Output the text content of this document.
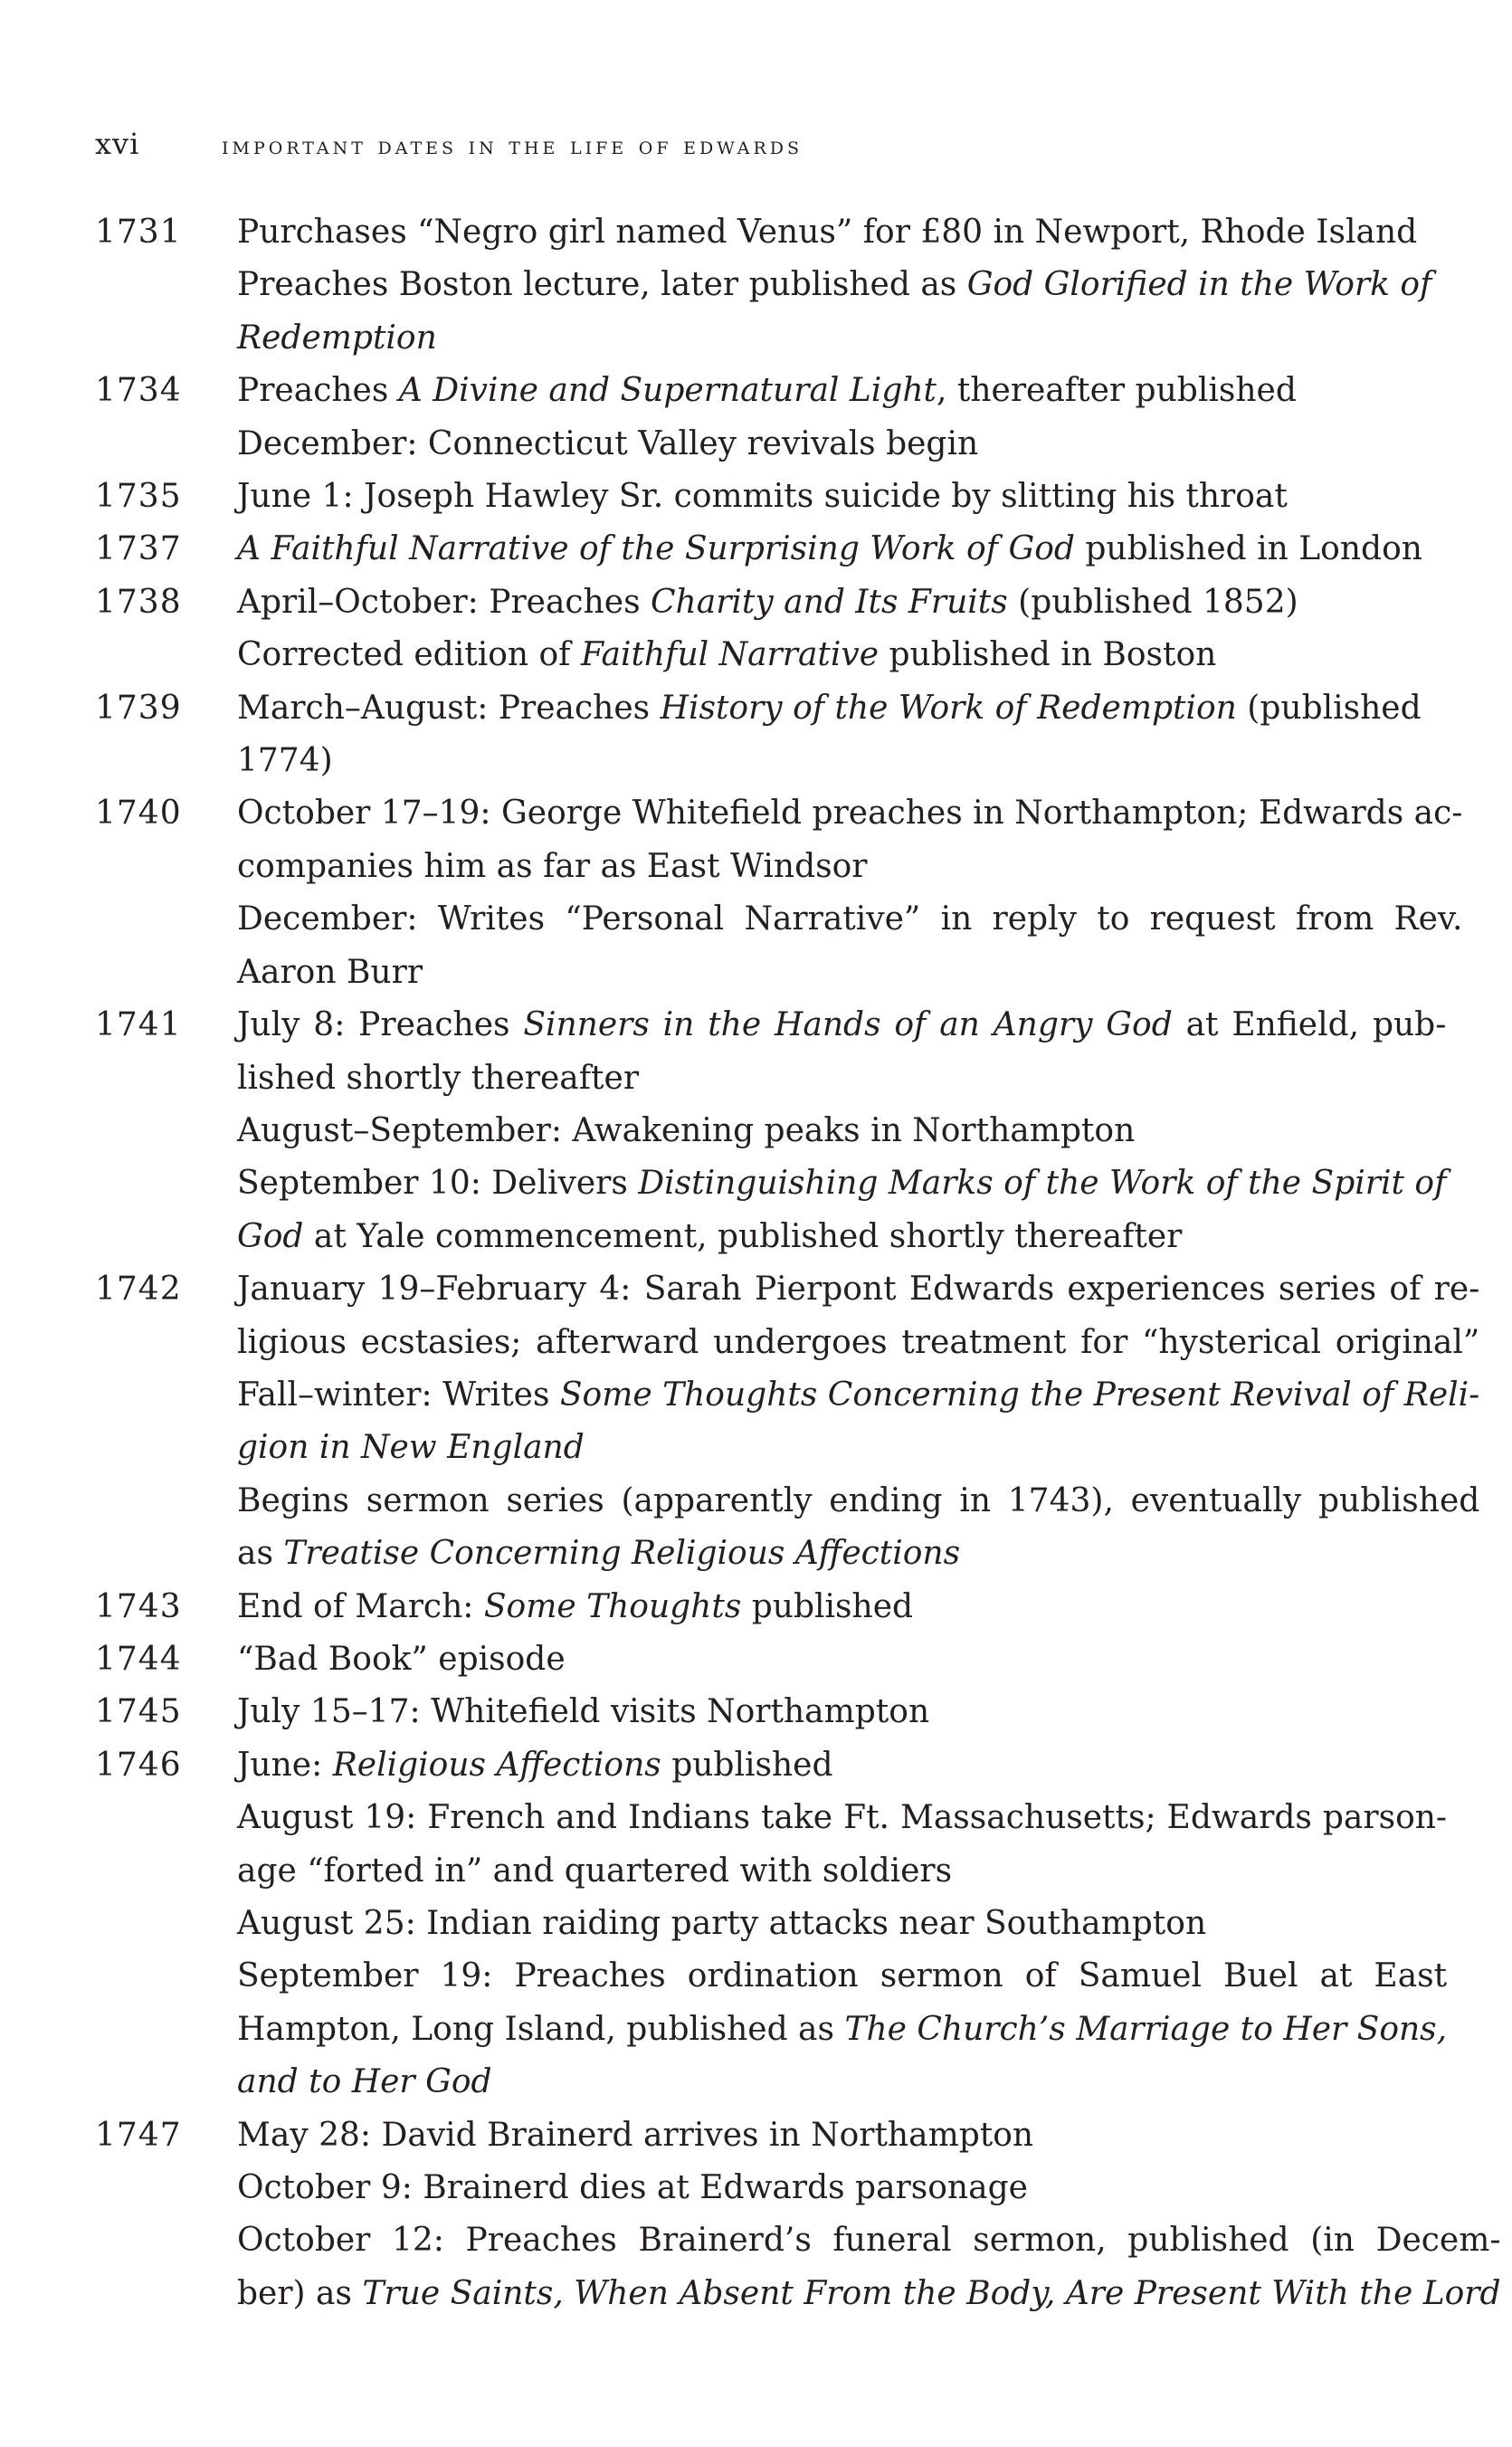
xvi	important dates in the life of edwards
1731	Purchases “Negro girl named Venus” for £80 in Newport, Rhode Island
Preaches Boston lecture, later published as God Glorified in the Work of
Redemption
1734	Preaches A Divine and Supernatural Light, thereafter published
December: Connecticut Valley revivals begin
1735	June 1: Joseph Hawley Sr. commits suicide by slitting his throat
1737	A Faithful Narrative of the Surprising Work of God published in London
1738	April–October: Preaches Charity and Its Fruits (published 1852)
Corrected edition of Faithful Narrative published in Boston
1739	March–August: Preaches History of the Work of Redemption (published
1774)
1740	October 17–19: George Whitefield preaches in Northampton; Edwards ac-
companies him as far as East Windsor
December: Writes “Personal Narrative” in reply to request from Rev.
Aaron Burr
1741	July 8: Preaches Sinners in the Hands of an Angry God at Enfield, pub-
lished shortly thereafter
August–September: Awakening peaks in Northampton
September 10: Delivers Distinguishing Marks of the Work of the Spirit of
God at Yale commencement, published shortly thereafter
1742	January 19–February 4: Sarah Pierpont Edwards experiences series of re-
ligious ecstasies; afterward undergoes treatment for “hysterical original”
Fall–winter: Writes Some Thoughts Concerning the Present Revival of Reli-
gion in New England
Begins sermon series (apparently ending in 1743), eventually published
as Treatise Concerning Religious Affections
1743	End of March: Some Thoughts published
1744	“Bad Book” episode
1745	July 15–17: Whitefield visits Northampton
1746	June: Religious Affections published
August 19: French and Indians take Ft. Massachusetts; Edwards parson-
age “forted in” and quartered with soldiers
August 25: Indian raiding party attacks near Southampton
September 19: Preaches ordination sermon of Samuel Buel at East
Hampton, Long Island, published as The Church’s Marriage to Her Sons,
and to Her God
1747	May 28: David Brainerd arrives in Northampton
October 9: Brainerd dies at Edwards parsonage
October 12: Preaches Brainerd’s funeral sermon, published (in Decem-
ber) as True Saints, When Absent From the Body, Are Present With the Lord
